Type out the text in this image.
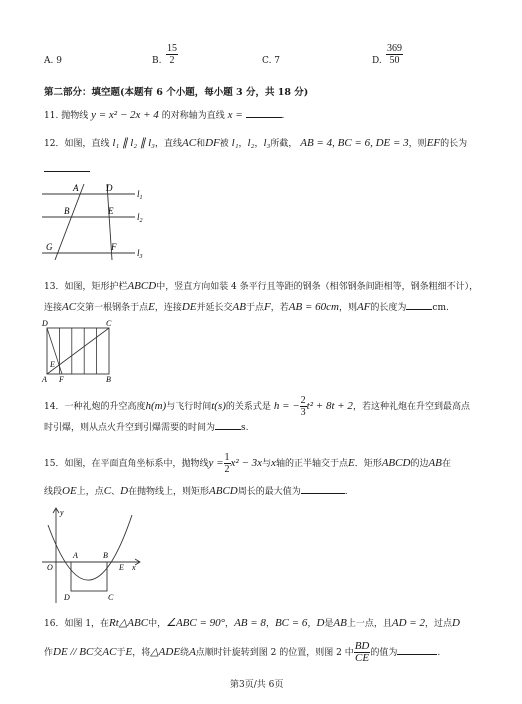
A. 9	B. $\frac{15}{2}$	C. 7	D. $\frac{369}{50}$
第二部分：填空题(本题有 6 个小题，每小题 3 分，共 18 分)
11. 抛物线 y = x² − 2x + 4 的对称轴为直线 x =	.
12．如图，直线 l₁ ∥ l₂ ∥ l₃，直线AC和DF被 l₁，l₂，l₃所截， AB = 4, BC = 6, DE = 3，则EF的长为
A	D
B	E
G	F
$l_1$
$l_2$
$l_3$
13．如图，矩形护栏ABCD中，竖直方向如装 4 条平行且等距的钢条（相邻钢条间距相等，钢条粗细不计），
连接AC交第一根钢条于点E，连接DE并延长交AB于点F，若AB = 60cm，则AF的长度为	cm.
D	C
E
A F	B
14．一种礼炮的升空高度h(m)与飞行时间t(s)的关系式是 h = − $\frac{2}{3} t^2 + 8t + 2$，若这种礼炮在升空到最高点
时引爆，则从点火升空到引爆需要的时间为	s.
15．如图，在平面直角坐标系中，抛物线$y = \frac{1}{2} x^2 - 3x$与x轴的正半轴交于点E．矩形ABCD的边AB在
线段OE上，点C、D在抛物线上，则矩形ABCD周长的最大值为	.
y
O
A	B
E x
D	C
16．如图 1，在Rt△ABC中，∠ABC = 90°，AB = 8，BC = 6，D是AB上一点，且AD = 2，过点D
作DE // BC交AC于E，将△ADE绕A点顺时针旋转到图 2 的位置，则图 2 中 $\frac{BD}{CE}$ 的值为	.
第3页/共 6页
